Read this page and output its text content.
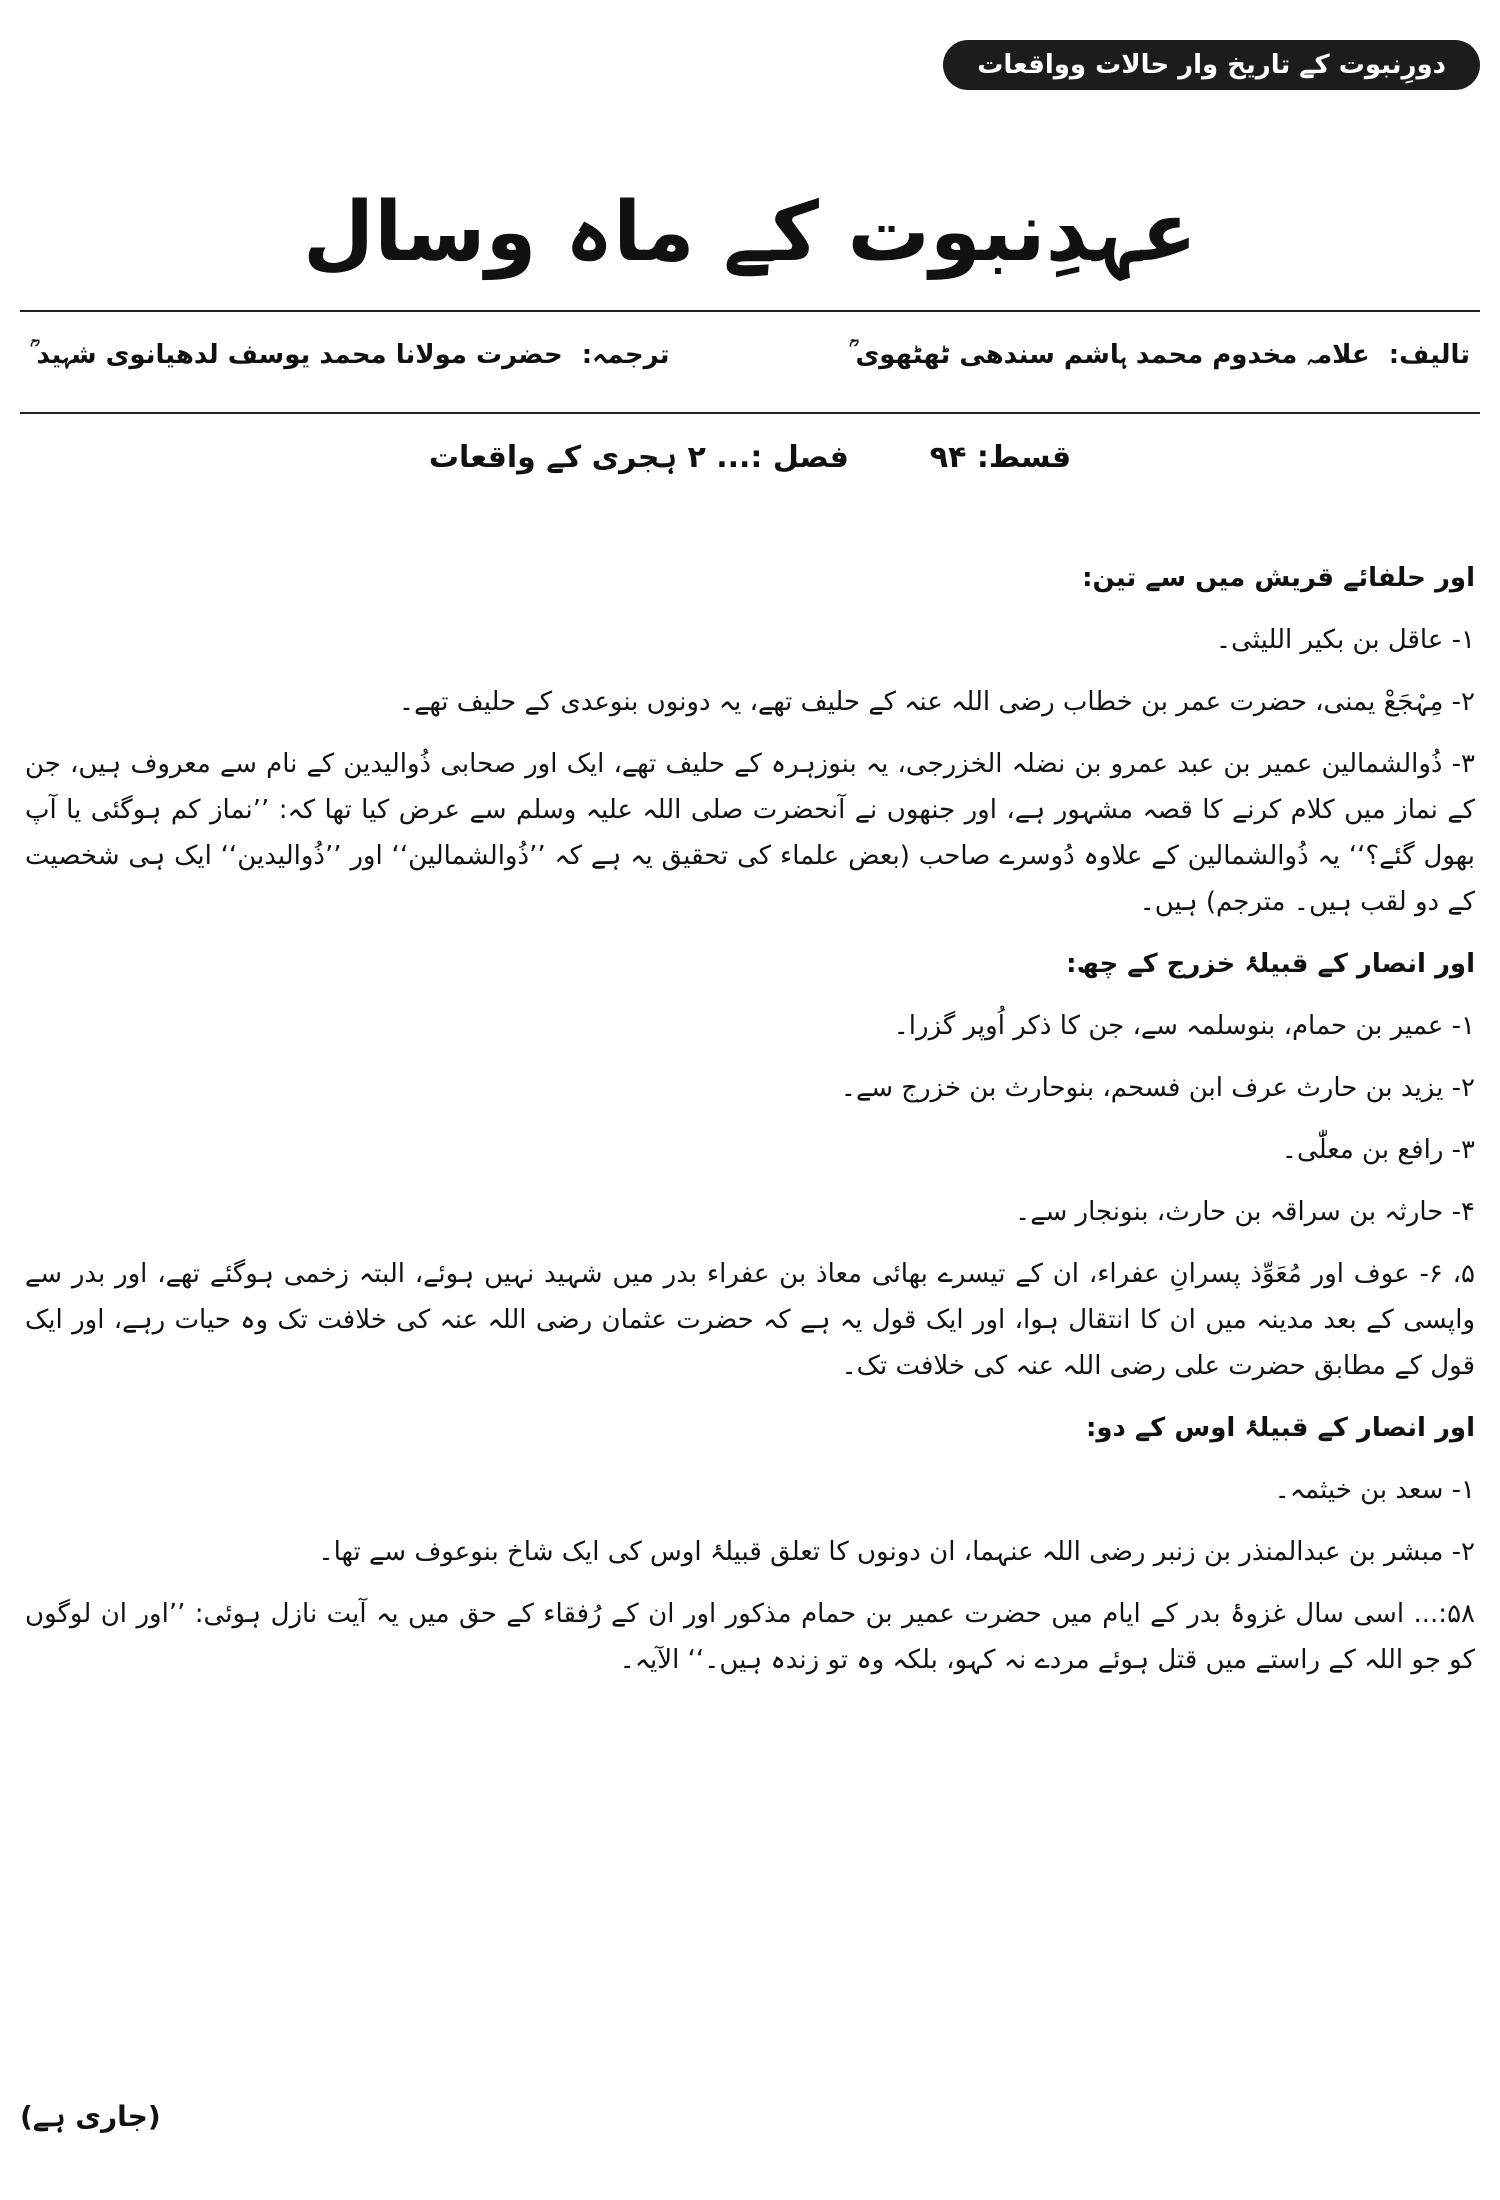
دورِنبوت کے تاریخ وار حالات وواقعات
عہدِنبوت کے ماہ وسال
تالیف: علامہ مخدوم محمد ہاشم سندھی ٹھٹھوی ؒ
ترجمہ: حضرت مولانا محمد یوسف لدھیانوی شہید ؒ
قسط: ۹۴  فصل :... ۲ ہجری کے واقعات

اور حلفائے قریش میں سے تین:

۱- عاقل بن بکیر اللیثی۔

۲- مِہْجَعْ یمنی، حضرت عمر بن خطاب رضی اللہ عنہ کے حلیف تھے، یہ دونوں بنوعدی کے حلیف تھے۔

۳- ذُوالشمالین عمیر بن عبد عمرو بن نضلہ الخزرجی، یہ بنوزہرہ کے حلیف تھے، ایک اور صحابی ذُوالیدین کے نام سے معروف ہیں، جن کے نماز میں کلام کرنے کا قصہ مشہور ہے، اور جنھوں نے آنحضرت صلی اللہ علیہ وسلم سے عرض کیا تھا کہ: ’’نماز کم ہوگئی یا آپ بھول گئے؟‘‘ یہ ذُوالشمالین کے علاوہ دُوسرے صاحب (بعض علماء کی تحقیق یہ ہے کہ ’’ذُوالشمالین‘‘ اور ’’ذُوالیدین‘‘ ایک ہی شخصیت کے دو لقب ہیں۔ مترجم) ہیں۔

اور انصار کے قبیلۂ خزرج کے چھ:

۱- عمیر بن حمام، بنوسلمہ سے، جن کا ذکر اُوپر گزرا۔

۲- یزید بن حارث عرف ابن فسحم، بنوحارث بن خزرج سے۔

۳- رافع بن معلّٰی۔

۴- حارثہ بن سراقہ بن حارث، بنونجار سے۔

۵، ۶- عوف اور مُعَوِّذ پسرانِ عفراء، ان کے تیسرے بھائی معاذ بن عفراء بدر میں شہید نہیں ہوئے، البتہ زخمی ہوگئے تھے، اور بدر سے واپسی کے بعد مدینہ میں ان کا انتقال ہوا، اور ایک قول یہ ہے کہ حضرت عثمان رضی اللہ عنہ کی خلافت تک وہ حیات رہے، اور ایک قول کے مطابق حضرت علی رضی اللہ عنہ کی خلافت تک۔

اور انصار کے قبیلۂ اوس کے دو:

۱- سعد بن خیثمہ۔

۲- مبشر بن عبدالمنذر بن زنبر رضی اللہ عنہما، ان دونوں کا تعلق قبیلۂ اوس کی ایک شاخ بنوعوف سے تھا۔

۵۸:... اسی سال غزوۂ بدر کے ایام میں حضرت عمیر بن حمام مذکور اور ان کے رُفقاء کے حق میں یہ آیت نازل ہوئی: ’’اور ان لوگوں کو جو اللہ کے راستے میں قتل ہوئے مردے نہ کہو، بلکہ وہ تو زندہ ہیں۔‘‘ الآیہ۔

(جاری ہے)
